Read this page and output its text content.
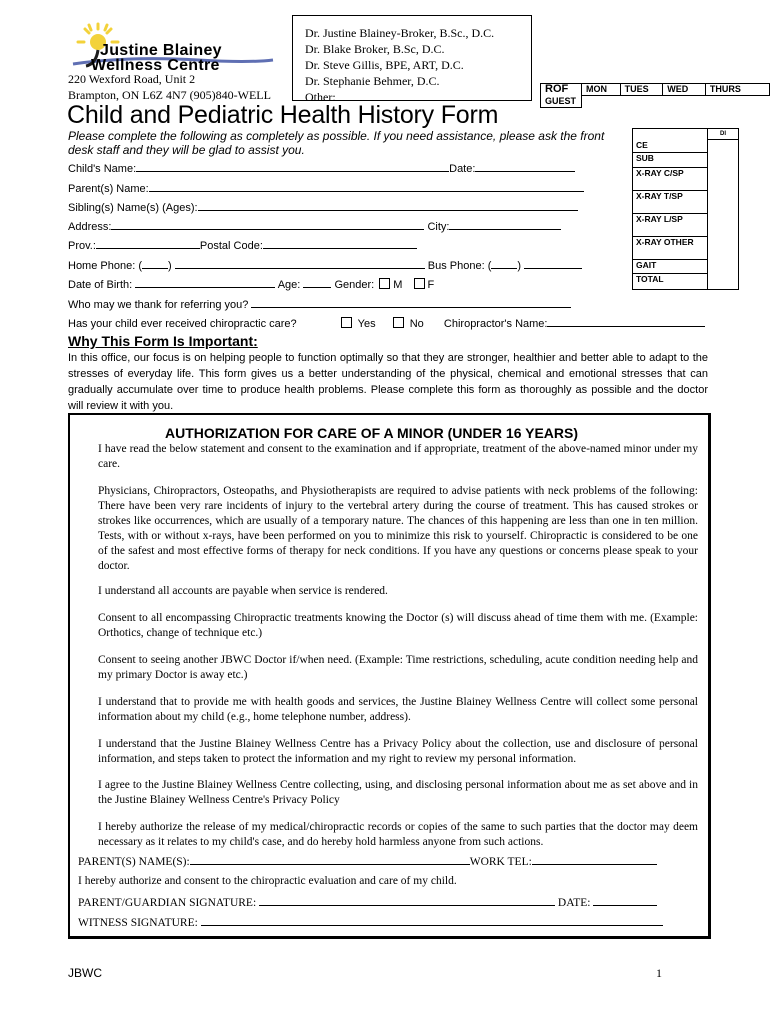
Justine Blainey
Wellness Centre
220 Wexford Road, Unit 2
Brampton, ON L6Z 4N7 (905)840-WELL
Dr. Justine Blainey-Broker, B.Sc., D.C.
Dr. Blake Broker, B.Sc, D.C.
Dr. Steve Gillis, BPE, ART, D.C.
Dr. Stephanie Behmer, D.C.
Other:
ROF	MON	TUES	WED	THURS
GUEST				
	DI
CE	
SUB	
X-RAY C/SP	
X-RAY T/SP	
X-RAY L/SP	
X-RAY OTHER	
GAIT	
TOTAL	
Child and Pediatric Health History Form
Please complete the following as completely as possible. If you need assistance, please ask the front desk staff and they will be glad to assist you.
Child's Name:	Date:
Parent(s) Name:
Sibling(s) Name(s) (Ages):
Address:	City:
Prov.:	Postal Code:
Home Phone: ( )	Bus Phone: ( )
Date of Birth:	Age:	Gender: M F
Who may we thank for referring you?
Has your child ever received chiropractic care?	Yes	No Chiropractor's Name:
Why This Form Is Important:
In this office, our focus is on helping people to function optimally so that they are stronger, healthier and better able to adapt to the stresses of everyday life. This form gives us a better understanding of the physical, chemical and emotional stresses that can gradually accumulate over time to produce health problems. Please complete this form as thoroughly as possible and the doctor will review it with you.
AUTHORIZATION FOR CARE OF A MINOR (UNDER 16 YEARS)
I have read the below statement and consent to the examination and if appropriate, treatment of the above-named minor under my care.
Physicians, Chiropractors, Osteopaths, and Physiotherapists are required to advise patients with neck problems of the following: There have been very rare incidents of injury to the vertebral artery during the course of treatment. This has caused strokes or strokes like occurrences, which are usually of a temporary nature. The chances of this happening are less than one in ten million. Tests, with or without x-rays, have been performed on you to minimize this risk to yourself. Chiropractic is considered to be one of the safest and most effective forms of therapy for neck conditions. If you have any questions or concerns please speak to your doctor.
I understand all accounts are payable when service is rendered.
Consent to all encompassing Chiropractic treatments knowing the Doctor (s) will discuss ahead of time them with me. (Example: Orthotics, change of technique etc.)
Consent to seeing another JBWC Doctor if/when need. (Example: Time restrictions, scheduling, acute condition needing help and my primary Doctor is away etc.)
I understand that to provide me with health goods and services, the Justine Blainey Wellness Centre will collect some personal information about my child (e.g., home telephone number, address).
I understand that the Justine Blainey Wellness Centre has a Privacy Policy about the collection, use and disclosure of personal information, and steps taken to protect the information and my right to review my personal information.
I agree to the Justine Blainey Wellness Centre collecting, using, and disclosing personal information about me as set above and in the Justine Blainey Wellness Centre's Privacy Policy
I hereby authorize the release of my medical/chiropractic records or copies of the same to such parties that the doctor may deem necessary as it relates to my child's case, and do hereby hold harmless anyone from such actions.
PARENT(S) NAME(S):	WORK TEL:
I hereby authorize and consent to the chiropractic evaluation and care of my child.
PARENT/GUARDIAN SIGNATURE:	DATE:
WITNESS SIGNATURE:
JBWC	1
